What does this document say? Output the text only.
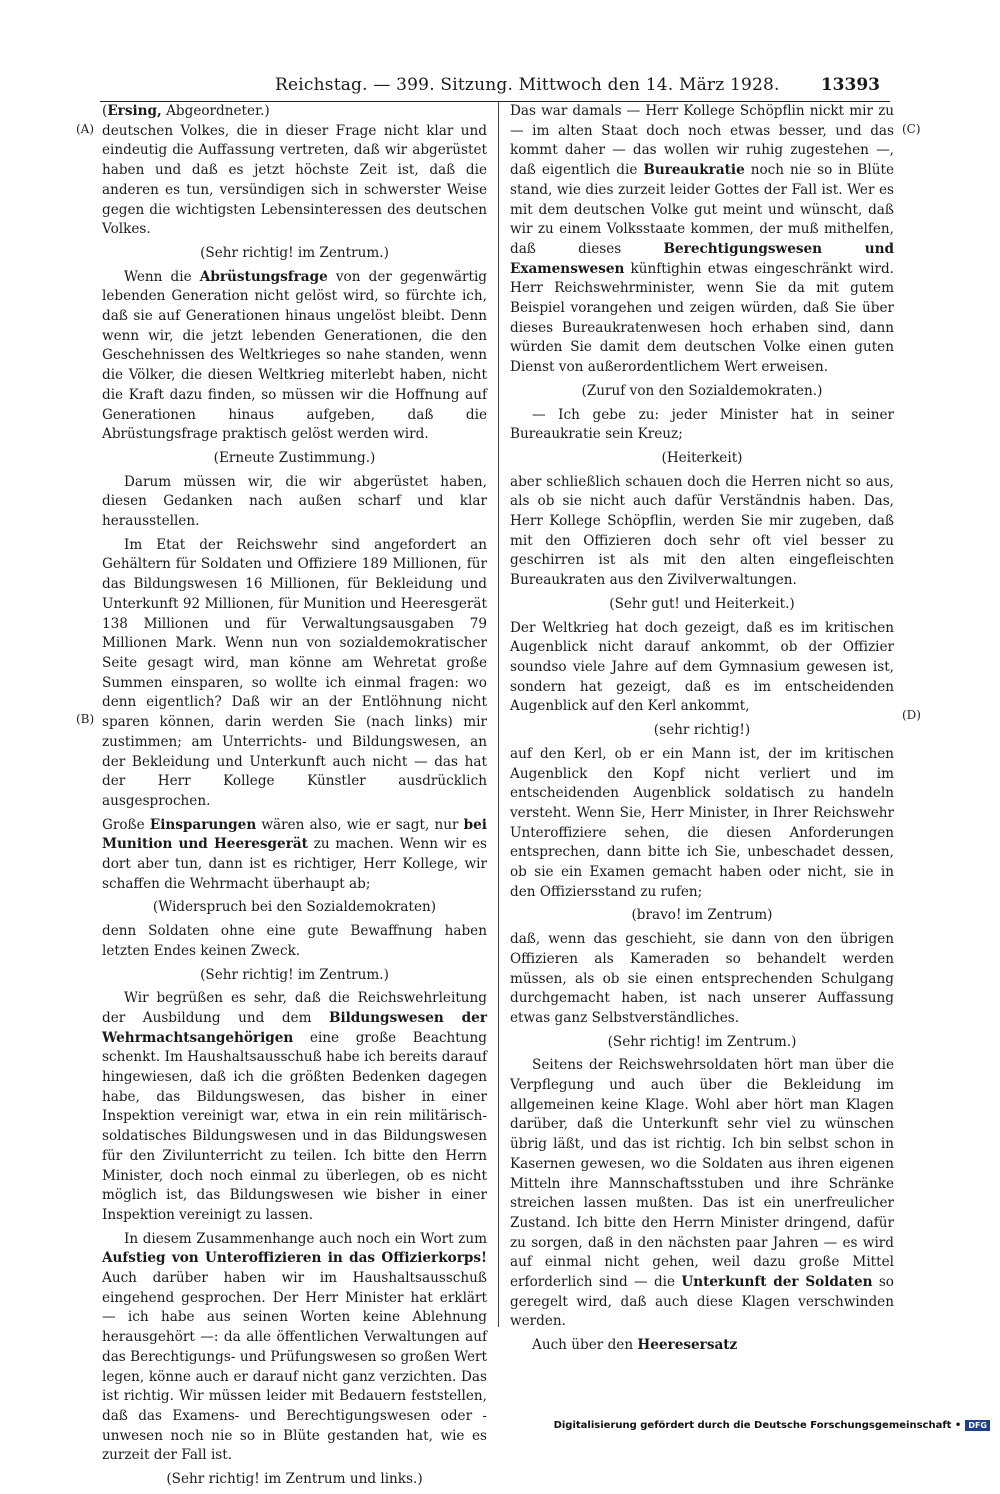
Reichstag. — 399. Sitzung. Mittwoch den 14. März 1928. 13393
(A)
(B)
(C)
(D)

(Ersing, Abgeordneter.)

deutschen Volkes, die in dieser Frage nicht klar und eindeutig die Auffassung vertreten, daß wir abgerüstet haben und daß es jetzt höchste Zeit ist, daß die anderen es tun, versündigen sich in schwerster Weise gegen die wichtigsten Lebensinteressen des deutschen Volkes.

(Sehr richtig! im Zentrum.)

Wenn die Abrüstungsfrage von der gegenwärtig lebenden Generation nicht gelöst wird, so fürchte ich, daß sie auf Generationen hinaus ungelöst bleibt. Denn wenn wir, die jetzt lebenden Generationen, die den Geschehnissen des Weltkrieges so nahe standen, wenn die Völker, die diesen Weltkrieg miterlebt haben, nicht die Kraft dazu finden, so müssen wir die Hoffnung auf Generationen hinaus aufgeben, daß die Abrüstungsfrage praktisch gelöst werden wird.

(Erneute Zustimmung.)

Darum müssen wir, die wir abgerüstet haben, diesen Gedanken nach außen scharf und klar herausstellen.

Im Etat der Reichswehr sind angefordert an Gehältern für Soldaten und Offiziere 189 Millionen, für das Bildungswesen 16 Millionen, für Bekleidung und Unterkunft 92 Millionen, für Munition und Heeresgerät 138 Millionen und für Verwaltungsausgaben 79 Millionen Mark. Wenn nun von sozialdemokratischer Seite gesagt wird, man könne am Wehretat große Summen einsparen, so wollte ich einmal fragen: wo denn eigentlich? Daß wir an der Entlöhnung nicht sparen können, darin werden Sie (nach links) mir zustimmen; am Unterrichts- und Bildungswesen, an der Bekleidung und Unterkunft auch nicht — das hat der Herr Kollege Künstler ausdrücklich ausgesprochen.

Große Einsparungen wären also, wie er sagt, nur bei Munition und Heeresgerät zu machen. Wenn wir es dort aber tun, dann ist es richtiger, Herr Kollege, wir schaffen die Wehrmacht überhaupt ab;

(Widerspruch bei den Sozialdemokraten)

denn Soldaten ohne eine gute Bewaffnung haben letzten Endes keinen Zweck.

(Sehr richtig! im Zentrum.)

Wir begrüßen es sehr, daß die Reichswehrleitung der Ausbildung und dem Bildungswesen der Wehrmachtsangehörigen eine große Beachtung schenkt. Im Haushaltsausschuß habe ich bereits darauf hingewiesen, daß ich die größten Bedenken dagegen habe, das Bildungswesen, das bisher in einer Inspektion vereinigt war, etwa in ein rein militärisch-soldatisches Bildungswesen und in das Bildungswesen für den Zivilunterricht zu teilen. Ich bitte den Herrn Minister, doch noch einmal zu überlegen, ob es nicht möglich ist, das Bildungswesen wie bisher in einer Inspektion vereinigt zu lassen.

In diesem Zusammenhange auch noch ein Wort zum Aufstieg von Unteroffizieren in das Offizierkorps! Auch darüber haben wir im Haushaltsausschuß eingehend gesprochen. Der Herr Minister hat erklärt — ich habe aus seinen Worten keine Ablehnung herausgehört —: da alle öffentlichen Verwaltungen auf das Berechtigungs- und Prüfungswesen so großen Wert legen, könne auch er darauf nicht ganz verzichten. Das ist richtig. Wir müssen leider mit Bedauern feststellen, daß das Examens- und Berechtigungswesen oder -unwesen noch nie so in Blüte gestanden hat, wie es zurzeit der Fall ist.

(Sehr richtig! im Zentrum und links.)

Das war damals — Herr Kollege Schöpflin nickt mir zu — im alten Staat doch noch etwas besser, und das kommt daher — das wollen wir ruhig zugestehen —, daß eigentlich die Bureaukratie noch nie so in Blüte stand, wie dies zurzeit leider Gottes der Fall ist. Wer es mit dem deutschen Volke gut meint und wünscht, daß wir zu einem Volksstaate kommen, der muß mithelfen, daß dieses Berechtigungswesen und Examenswesen künftighin etwas eingeschränkt wird. Herr Reichswehrminister, wenn Sie da mit gutem Beispiel vorangehen und zeigen würden, daß Sie über dieses Bureaukratenwesen hoch erhaben sind, dann würden Sie damit dem deutschen Volke einen guten Dienst von außerordentlichem Wert erweisen.

(Zuruf von den Sozialdemokraten.)

— Ich gebe zu: jeder Minister hat in seiner Bureaukratie sein Kreuz;

(Heiterkeit)

aber schließlich schauen doch die Herren nicht so aus, als ob sie nicht auch dafür Verständnis haben. Das, Herr Kollege Schöpflin, werden Sie mir zugeben, daß mit den Offizieren doch sehr oft viel besser zu geschirren ist als mit den alten eingefleischten Bureaukraten aus den Zivilverwaltungen.

(Sehr gut! und Heiterkeit.)

Der Weltkrieg hat doch gezeigt, daß es im kritischen Augenblick nicht darauf ankommt, ob der Offizier soundso viele Jahre auf dem Gymnasium gewesen ist, sondern hat gezeigt, daß es im entscheidenden Augenblick auf den Kerl ankommt,

(sehr richtig!)

auf den Kerl, ob er ein Mann ist, der im kritischen Augenblick den Kopf nicht verliert und im entscheidenden Augenblick soldatisch zu handeln versteht. Wenn Sie, Herr Minister, in Ihrer Reichswehr Unteroffiziere sehen, die diesen Anforderungen entsprechen, dann bitte ich Sie, unbeschadet dessen, ob sie ein Examen gemacht haben oder nicht, sie in den Offiziersstand zu rufen;

(bravo! im Zentrum)

daß, wenn das geschieht, sie dann von den übrigen Offizieren als Kameraden so behandelt werden müssen, als ob sie einen entsprechenden Schulgang durchgemacht haben, ist nach unserer Auffassung etwas ganz Selbstverständliches.

(Sehr richtig! im Zentrum.)

Seitens der Reichswehrsoldaten hört man über die Verpflegung und auch über die Bekleidung im allgemeinen keine Klage. Wohl aber hört man Klagen darüber, daß die Unterkunft sehr viel zu wünschen übrig läßt, und das ist richtig. Ich bin selbst schon in Kasernen gewesen, wo die Soldaten aus ihren eigenen Mitteln ihre Mannschaftsstuben und ihre Schränke streichen lassen mußten. Das ist ein unerfreulicher Zustand. Ich bitte den Herrn Minister dringend, dafür zu sorgen, daß in den nächsten paar Jahren — es wird auf einmal nicht gehen, weil dazu große Mittel erforderlich sind — die Unterkunft der Soldaten so geregelt wird, daß auch diese Klagen verschwinden werden.

Auch über den Heeresersatz

Digitalisierung gefördert durch die Deutsche Forschungsgemeinschaft • DFG
